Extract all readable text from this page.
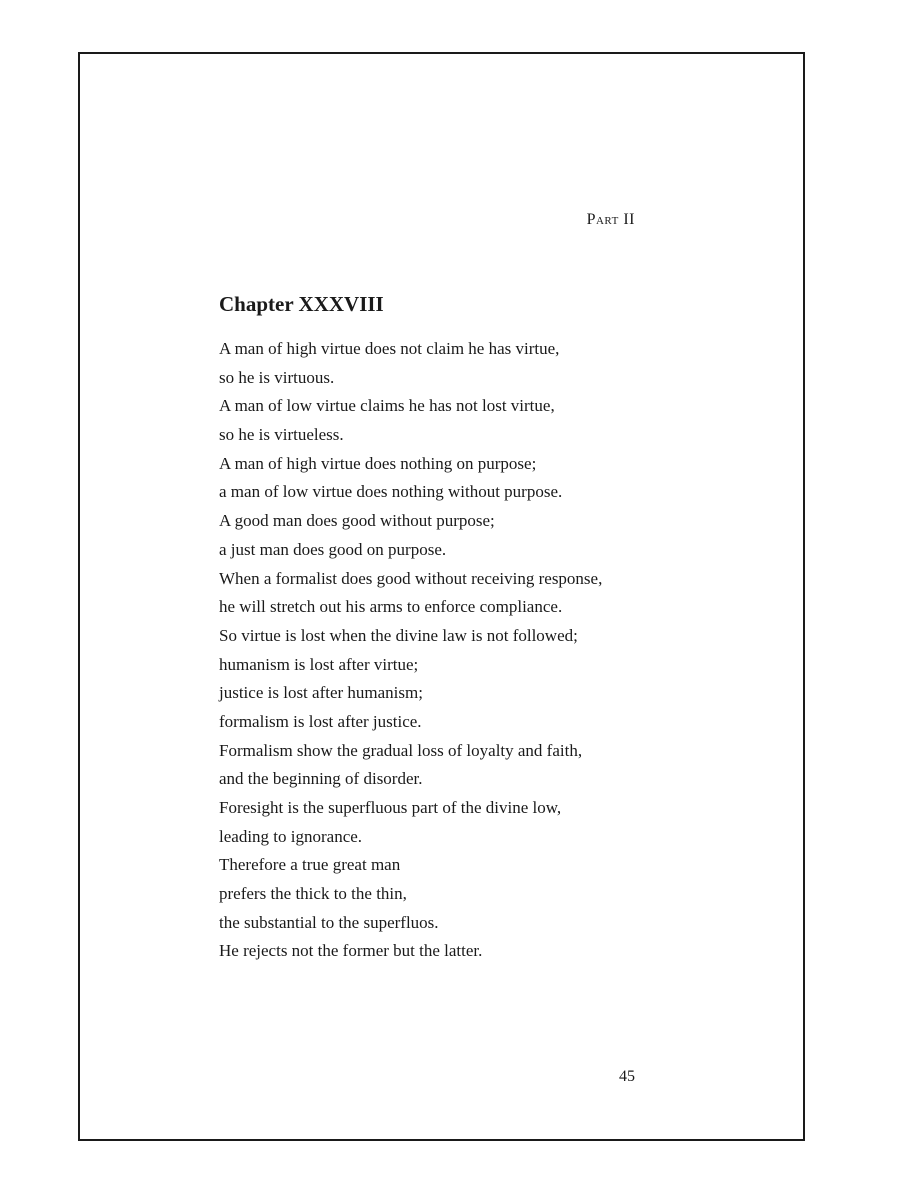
Part II
Chapter XXXVIII
A man of high virtue does not claim he has virtue,
so he is virtuous.
A man of low virtue claims he has not lost virtue,
so he is virtueless.
A man of high virtue does nothing on purpose;
a man of low virtue does nothing without purpose.
A good man does good without purpose;
a just man does good on purpose.
When a formalist does good without receiving response,
he will stretch out his arms to enforce compliance.
So virtue is lost when the divine law is not followed;
humanism is lost after virtue;
justice is lost after humanism;
formalism is lost after justice.
Formalism show the gradual loss of loyalty and faith,
and the beginning of disorder.
Foresight is the superfluous part of the divine low,
leading to ignorance.
Therefore a true great man
prefers the thick to the thin,
the substantial to the superfluos.
He rejects not the former but the latter.
45
